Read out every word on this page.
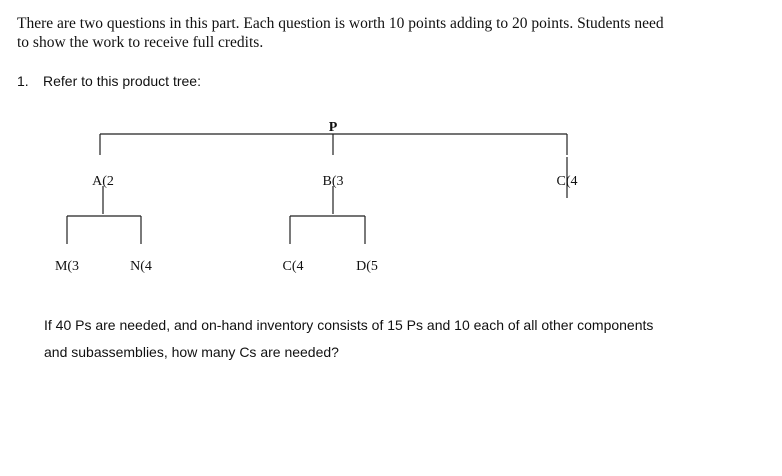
There are two questions in this part. Each question is worth 10 points adding to 20 points. Students need
to show the work to receive full credits.
1. Refer to this product tree:
P
A(2	B(3	C(4
M(3	N(4	C(4	D(5
If 40 Ps are needed, and on-hand inventory consists of 15 Ps and 10 each of all other components
and subassemblies, how many Cs are needed?
